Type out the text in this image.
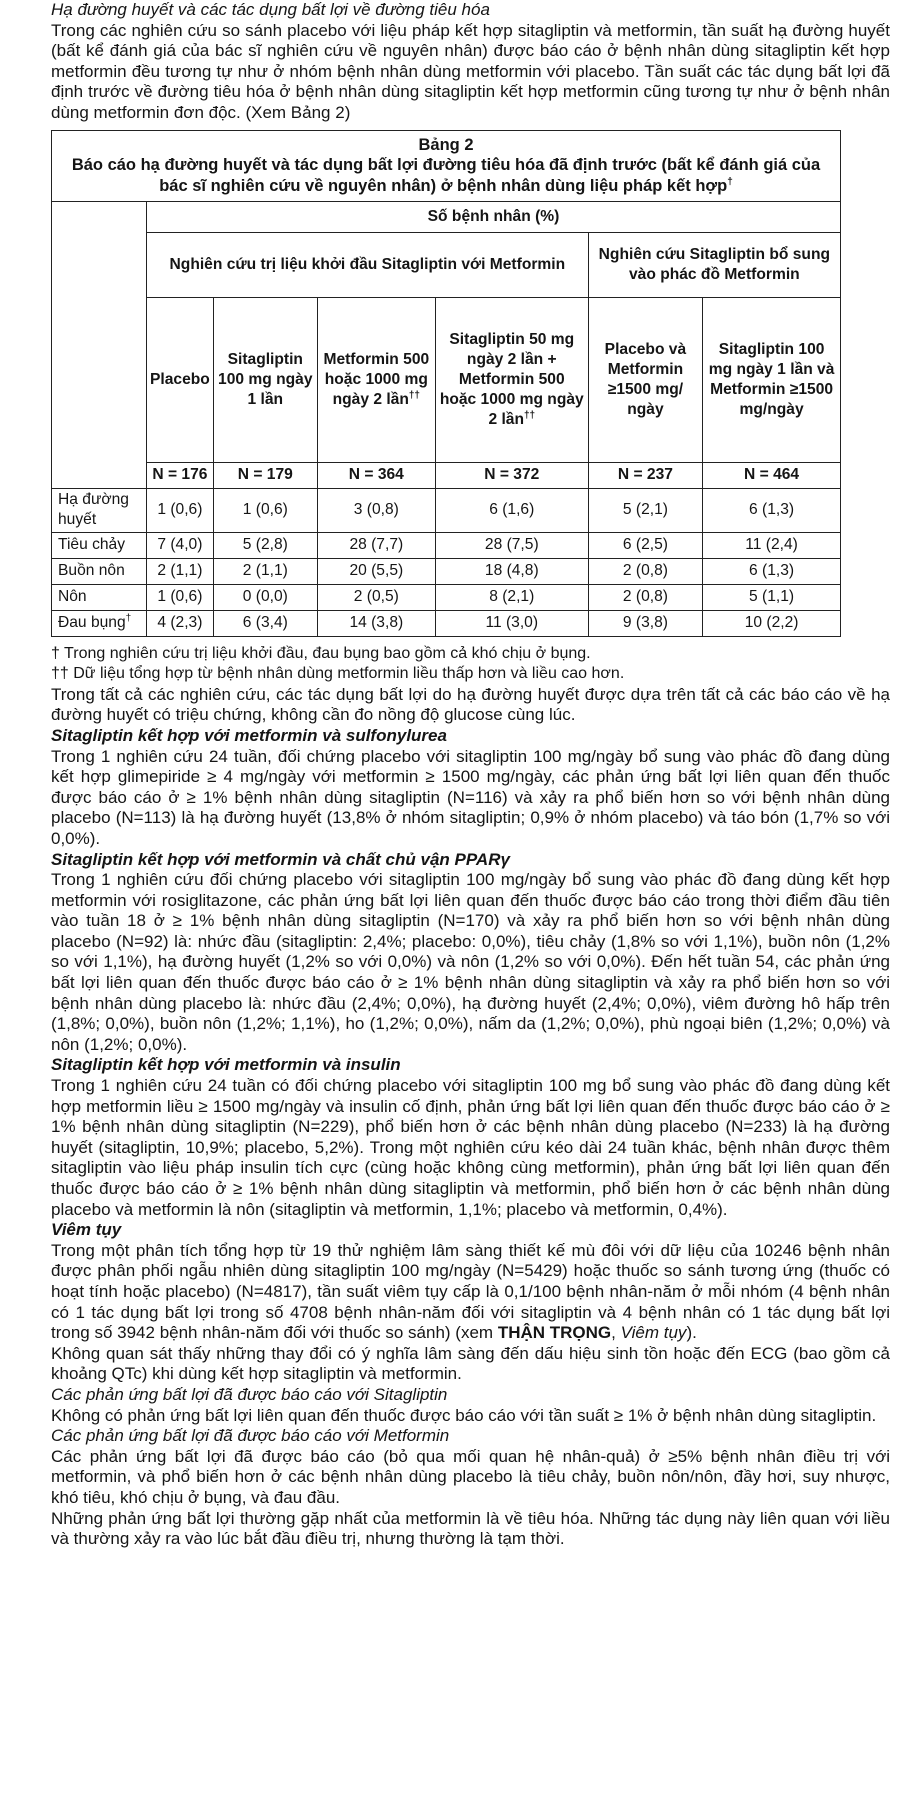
Hạ đường huyết và các tác dụng bất lợi về đường tiêu hóa

Trong các nghiên cứu so sánh placebo với liệu pháp kết hợp sitagliptin và metformin, tần suất hạ đường huyết (bất kể đánh giá của bác sĩ nghiên cứu về nguyên nhân) được báo cáo ở bệnh nhân dùng sitagliptin kết hợp metformin đều tương tự như ở nhóm bệnh nhân dùng metformin với placebo. Tần suất các tác dụng bất lợi đã định trước về đường tiêu hóa ở bệnh nhân dùng sitagliptin kết hợp metformin cũng tương tự như ở bệnh nhân dùng metformin đơn độc. (Xem Bảng 2)

Bảng 2
Báo cáo hạ đường huyết và tác dụng bất lợi đường tiêu hóa đã định trước (bất kể đánh giá của bác sĩ nghiên cứu về nguyên nhân) ở bệnh nhân dùng liệu pháp kết hợp†

	Số bệnh nhân (%)					
	Nghiên cứu trị liệu khởi đầu Sitagliptin với Metformin				Nghiên cứu Sitagliptin bổ sung vào phác đồ Metformin	
	Placebo	Sitagliptin 100 mg ngày 1 lần	Metformin 500 hoặc 1000 mg ngày 2 lần††	Sitagliptin 50 mg ngày 2 lần + Metformin 500 hoặc 1000 mg ngày 2 lần††	Placebo và Metformin ≥1500 mg/ ngày	Sitagliptin 100 mg ngày 1 lần và Metformin ≥1500 mg/ngày
	N = 176	N = 179	N = 364	N = 372	N = 237	N = 464
Hạ đường huyết	1 (0,6)	1 (0,6)	3 (0,8)	6 (1,6)	5 (2,1)	6 (1,3)
Tiêu chảy	7 (4,0)	5 (2,8)	28 (7,7)	28 (7,5)	6 (2,5)	11 (2,4)
Buồn nôn	2 (1,1)	2 (1,1)	20 (5,5)	18 (4,8)	2 (0,8)	6 (1,3)
Nôn	1 (0,6)	0 (0,0)	2 (0,5)	8 (2,1)	2 (0,8)	5 (1,1)
Đau bụng†	4 (2,3)	6 (3,4)	14 (3,8)	11 (3,0)	9 (3,8)	10 (2,2)

† Trong nghiên cứu trị liệu khởi đầu, đau bụng bao gồm cả khó chịu ở bụng.

†† Dữ liệu tổng hợp từ bệnh nhân dùng metformin liều thấp hơn và liều cao hơn.

Trong tất cả các nghiên cứu, các tác dụng bất lợi do hạ đường huyết được dựa trên tất cả các báo cáo về hạ đường huyết có triệu chứng, không cần đo nồng độ glucose cùng lúc.

Sitagliptin kết hợp với metformin và sulfonylurea

Trong 1 nghiên cứu 24 tuần, đối chứng placebo với sitagliptin 100 mg/ngày bổ sung vào phác đồ đang dùng kết hợp glimepiride ≥ 4 mg/ngày với metformin ≥ 1500 mg/ngày, các phản ứng bất lợi liên quan đến thuốc được báo cáo ở ≥ 1% bệnh nhân dùng sitagliptin (N=116) và xảy ra phổ biến hơn so với bệnh nhân dùng placebo (N=113) là hạ đường huyết (13,8% ở nhóm sitagliptin; 0,9% ở nhóm placebo) và táo bón (1,7% so với 0,0%).

Sitagliptin kết hợp với metformin và chất chủ vận PPARγ

Trong 1 nghiên cứu đối chứng placebo với sitagliptin 100 mg/ngày bổ sung vào phác đồ đang dùng kết hợp metformin với rosiglitazone, các phản ứng bất lợi liên quan đến thuốc được báo cáo trong thời điểm đầu tiên vào tuần 18 ở ≥ 1% bệnh nhân dùng sitagliptin (N=170) và xảy ra phổ biến hơn so với bệnh nhân dùng placebo (N=92) là: nhức đầu (sitagliptin: 2,4%; placebo: 0,0%), tiêu chảy (1,8% so với 1,1%), buồn nôn (1,2% so với 1,1%), hạ đường huyết (1,2% so với 0,0%) và nôn (1,2% so với 0,0%). Đến hết tuần 54, các phản ứng bất lợi liên quan đến thuốc được báo cáo ở ≥ 1% bệnh nhân dùng sitagliptin và xảy ra phổ biến hơn so với bệnh nhân dùng placebo là: nhức đầu (2,4%; 0,0%), hạ đường huyết (2,4%; 0,0%), viêm đường hô hấp trên (1,8%; 0,0%), buồn nôn (1,2%; 1,1%), ho (1,2%; 0,0%), nấm da (1,2%; 0,0%), phù ngoại biên (1,2%; 0,0%) và nôn (1,2%; 0,0%).

Sitagliptin kết hợp với metformin và insulin

Trong 1 nghiên cứu 24 tuần có đối chứng placebo với sitagliptin 100 mg bổ sung vào phác đồ đang dùng kết hợp metformin liều ≥ 1500 mg/ngày và insulin cố định, phản ứng bất lợi liên quan đến thuốc được báo cáo ở ≥ 1% bệnh nhân dùng sitagliptin (N=229), phổ biến hơn ở các bệnh nhân dùng placebo (N=233) là hạ đường huyết (sitagliptin, 10,9%; placebo, 5,2%). Trong một nghiên cứu kéo dài 24 tuần khác, bệnh nhân được thêm sitagliptin vào liệu pháp insulin tích cực (cùng hoặc không cùng metformin), phản ứng bất lợi liên quan đến thuốc được báo cáo ở ≥ 1% bệnh nhân dùng sitagliptin và metformin, phổ biến hơn ở các bệnh nhân dùng placebo và metformin là nôn (sitagliptin và metformin, 1,1%; placebo và metformin, 0,4%).

Viêm tụy

Trong một phân tích tổng hợp từ 19 thử nghiệm lâm sàng thiết kế mù đôi với dữ liệu của 10246 bệnh nhân được phân phối ngẫu nhiên dùng sitagliptin 100 mg/ngày (N=5429) hoặc thuốc so sánh tương ứng (thuốc có hoạt tính hoặc placebo) (N=4817), tần suất viêm tụy cấp là 0,1/100 bệnh nhân-năm ở mỗi nhóm (4 bệnh nhân có 1 tác dụng bất lợi trong số 4708 bệnh nhân-năm đối với sitagliptin và 4 bệnh nhân có 1 tác dụng bất lợi trong số 3942 bệnh nhân-năm đối với thuốc so sánh) (xem THẬN TRỌNG, Viêm tụy).

Không quan sát thấy những thay đổi có ý nghĩa lâm sàng đến dấu hiệu sinh tồn hoặc đến ECG (bao gồm cả khoảng QTc) khi dùng kết hợp sitagliptin và metformin.

Các phản ứng bất lợi đã được báo cáo với Sitagliptin

Không có phản ứng bất lợi liên quan đến thuốc được báo cáo với tần suất ≥ 1% ở bệnh nhân dùng sitagliptin.

Các phản ứng bất lợi đã được báo cáo với Metformin

Các phản ứng bất lợi đã được báo cáo (bỏ qua mối quan hệ nhân-quả) ở ≥5% bệnh nhân điều trị với metformin, và phổ biến hơn ở các bệnh nhân dùng placebo là tiêu chảy, buồn nôn/nôn, đầy hơi, suy nhược, khó tiêu, khó chịu ở bụng, và đau đầu.

Những phản ứng bất lợi thường gặp nhất của metformin là về tiêu hóa. Những tác dụng này liên quan với liều và thường xảy ra vào lúc bắt đầu điều trị, nhưng thường là tạm thời.
